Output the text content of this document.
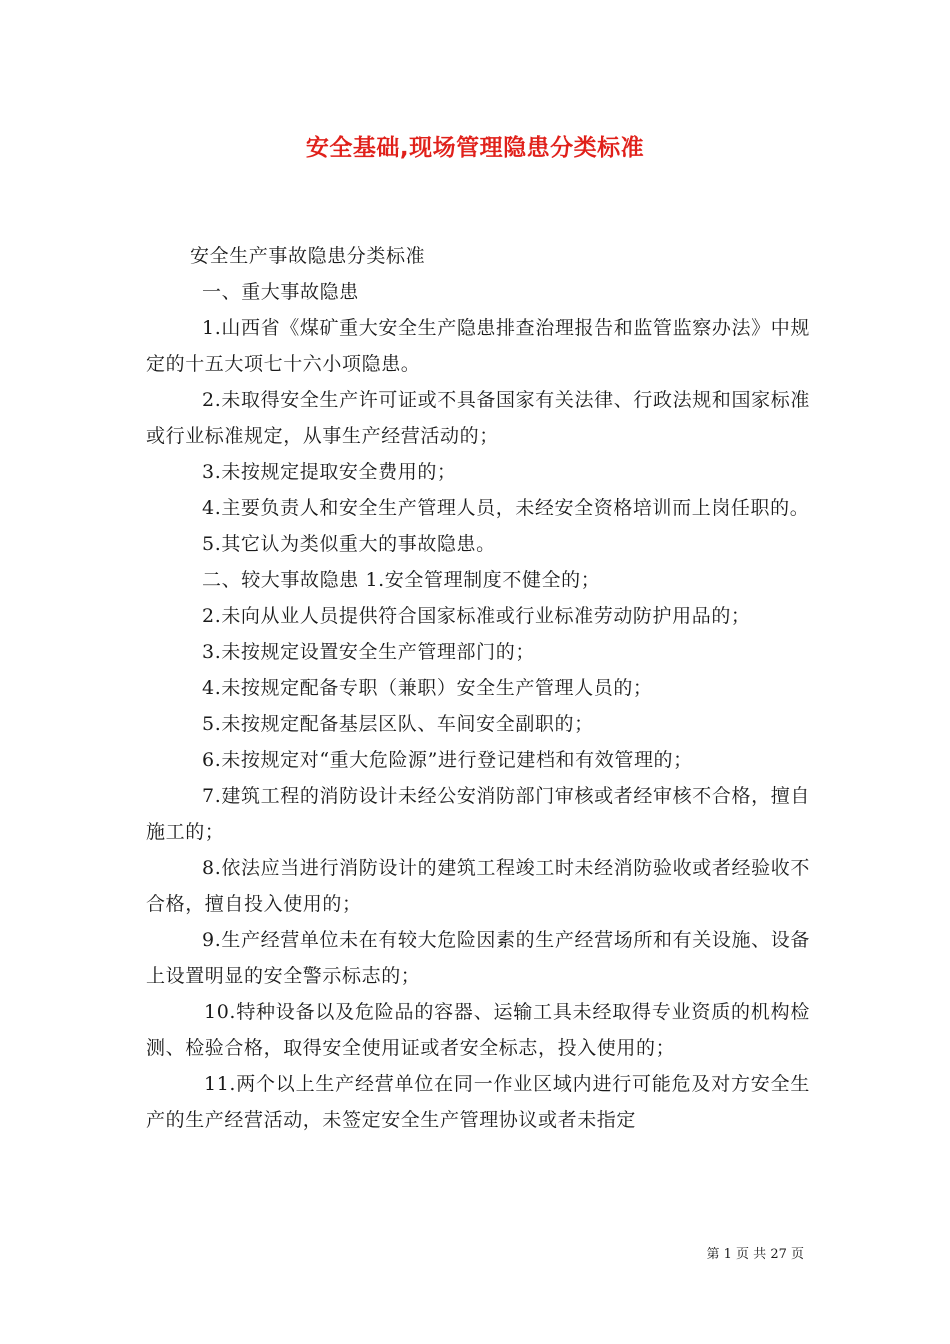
安全基础,现场管理隐患分类标准

安全生产事故隐患分类标准

一、重大事故隐患

1.山西省《煤矿重大安全生产隐患排查治理报告和监管监察办法》中规定的十五大项七十六小项隐患。

2.未取得安全生产许可证或不具备国家有关法律、行政法规和国家标准或行业标准规定，从事生产经营活动的；

3.未按规定提取安全费用的；

4.主要负责人和安全生产管理人员，未经安全资格培训而上岗任职的。

5.其它认为类似重大的事故隐患。

二、较大事故隐患 1.安全管理制度不健全的；

2.未向从业人员提供符合国家标准或行业标准劳动防护用品的；

3.未按规定设置安全生产管理部门的；

4.未按规定配备专职（兼职）安全生产管理人员的；

5.未按规定配备基层区队、车间安全副职的；

6.未按规定对“重大危险源”进行登记建档和有效管理的；

7.建筑工程的消防设计未经公安消防部门审核或者经审核不合格，擅自施工的；

8.依法应当进行消防设计的建筑工程竣工时未经消防验收或者经验收不合格，擅自投入使用的；

9.生产经营单位未在有较大危险因素的生产经营场所和有关设施、设备上设置明显的安全警示标志的；

10.特种设备以及危险品的容器、运输工具未经取得专业资质的机构检测、检验合格，取得安全使用证或者安全标志，投入使用的；

11.两个以上生产经营单位在同一作业区域内进行可能危及对方安全生产的生产经营活动，未签定安全生产管理协议或者未指定

第 1 页 共 27 页
